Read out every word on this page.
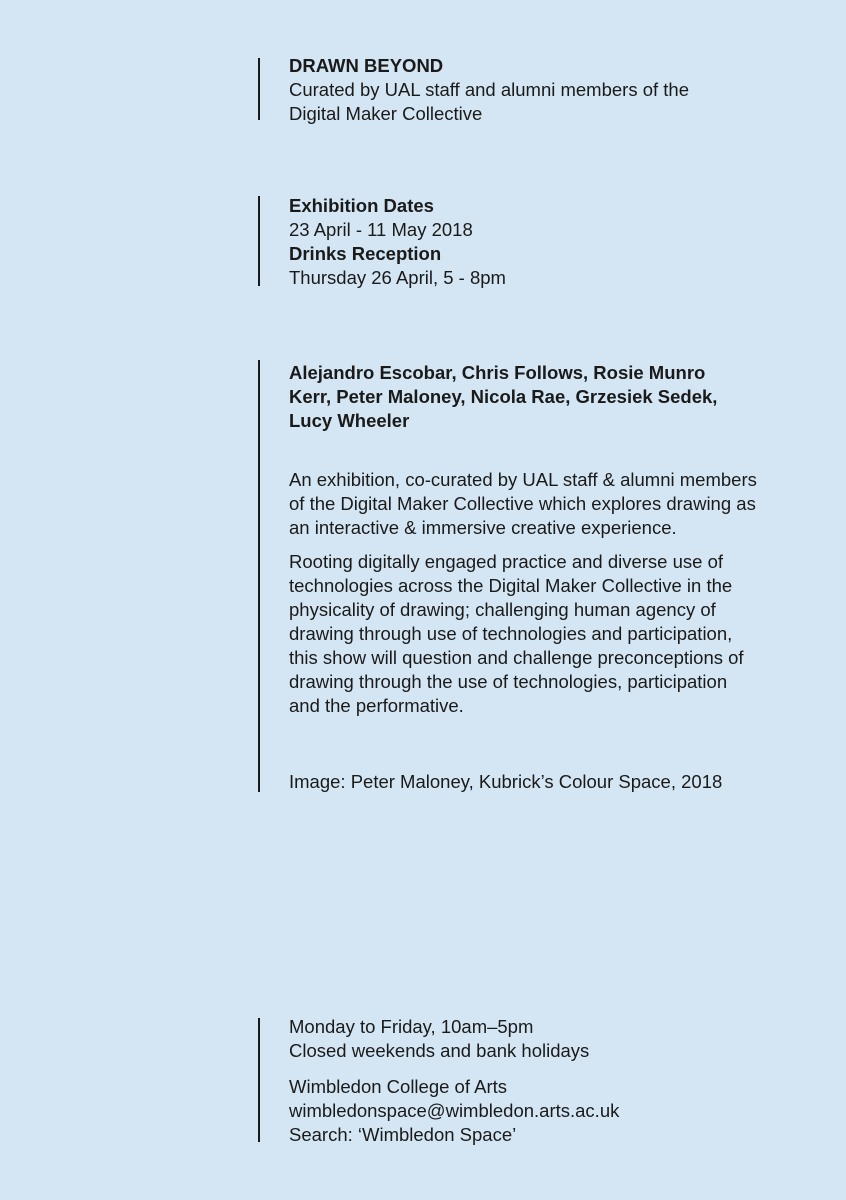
DRAWN BEYOND

Curated by UAL staff and alumni members of the

Digital Maker Collective

Exhibition Dates

23 April - 11 May 2018

Drinks Reception

Thursday 26 April, 5 - 8pm

Alejandro Escobar, Chris Follows, Rosie Munro

Kerr, Peter Maloney, Nicola Rae, Grzesiek Sedek,

Lucy Wheeler

An exhibition, co-curated by UAL staff & alumni members

of the Digital Maker Collective which explores drawing as

an interactive & immersive creative experience.

Rooting digitally engaged practice and diverse use of

technologies across the Digital Maker Collective in the

physicality of drawing; challenging human agency of

drawing through use of technologies and participation,

this show will question and challenge preconceptions of

drawing through the use of technologies, participation

and the performative.

Image: Peter Maloney, Kubrick’s Colour Space, 2018

Monday to Friday, 10am–5pm

Closed weekends and bank holidays

Wimbledon College of Arts

wimbledonspace@wimbledon.arts.ac.uk

Search: ‘Wimbledon Space’
